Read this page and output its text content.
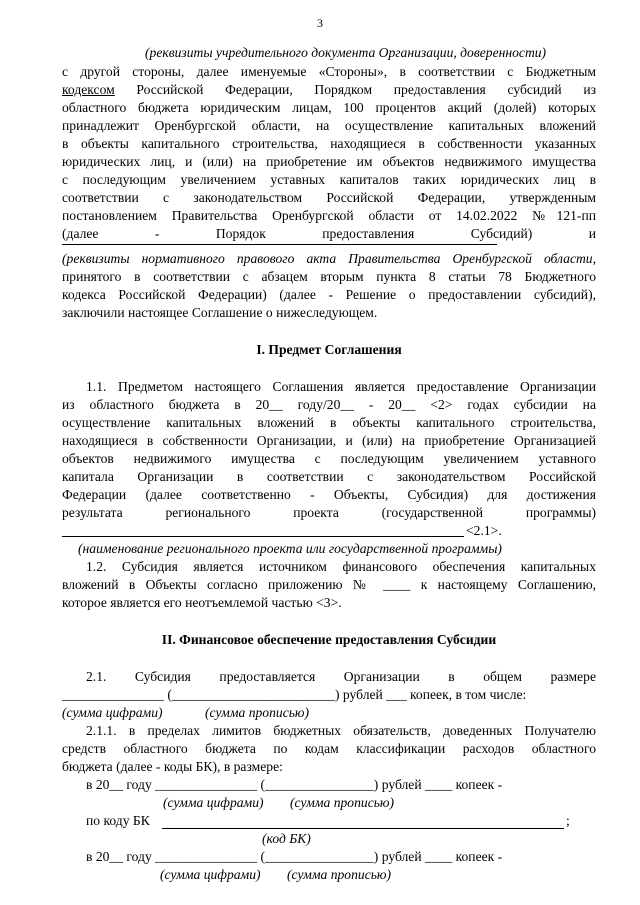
3
(реквизиты учредительного документа Организации, доверенности)
с другой стороны, далее именуемые «Стороны», в соответствии с Бюджетным
кодексом Российской Федерации, Порядком предоставления субсидий из
областного бюджета юридическим лицам, 100 процентов акций (долей) которых
принадлежит Оренбургской области, на осуществление капитальных вложений
в объекты капитального строительства, находящиеся в собственности указанных
юридических лиц, и (или) на приобретение им объектов недвижимого имущества
с последующим увеличением уставных капиталов таких юридических лиц в
соответствии с законодательством Российской Федерации, утвержденным
постановлением Правительства Оренбургской области от 14.02.2022 №121-пп
(далее - Порядок предоставления Субсидий) и
(реквизиты нормативного правового акта Правительства Оренбургской области,
принятого в соответствии с абзацем вторым пункта 8 статьи 78 Бюджетного
кодекса Российской Федерации) (далее - Решение о предоставлении субсидий),
заключили настоящее Соглашение о нижеследующем.
I. Предмет Соглашения
1.1. Предметом настоящего Соглашения является предоставление Организации
из областного бюджета в 20__ году/20__ - 20__ <2> годах субсидии на
осуществление капитальных вложений в объекты капитального строительства,
находящиеся в собственности Организации, и (или) на приобретение Организацией
объектов недвижимого имущества с последующим увеличением уставного
капитала Организации в соответствии с законодательством Российской
Федерации (далее соответственно - Объекты, Субсидия) для достижения
результата регионального проекта (государственной программы)
<2.1>.
(наименование регионального проекта или государственной программы)
1.2. Субсидия является источником финансового обеспечения капитальных
вложений в Объекты согласно приложению № ____ к настоящему Соглашению,
которое является его неотъемлемой частью <3>.
II. Финансовое обеспечение предоставления Субсидии
2.1. Субсидия предоставляется Организации в общем размере
_______________ (________________________) рублей ___ копеек, в том числе:
(сумма цифрами)	(сумма прописью)
2.1.1. в пределах лимитов бюджетных обязательств, доведенных Получателю
средств областного бюджета по кодам классификации расходов областного
бюджета (далее - коды БК), в размере:
в 20__ году _______________ (________________) рублей ____ копеек -
(сумма цифрами)	(сумма прописью)
по коду БК	;
(код БК)
в 20__ году _______________ (________________) рублей ____ копеек -
(сумма цифрами)	(сумма прописью)
